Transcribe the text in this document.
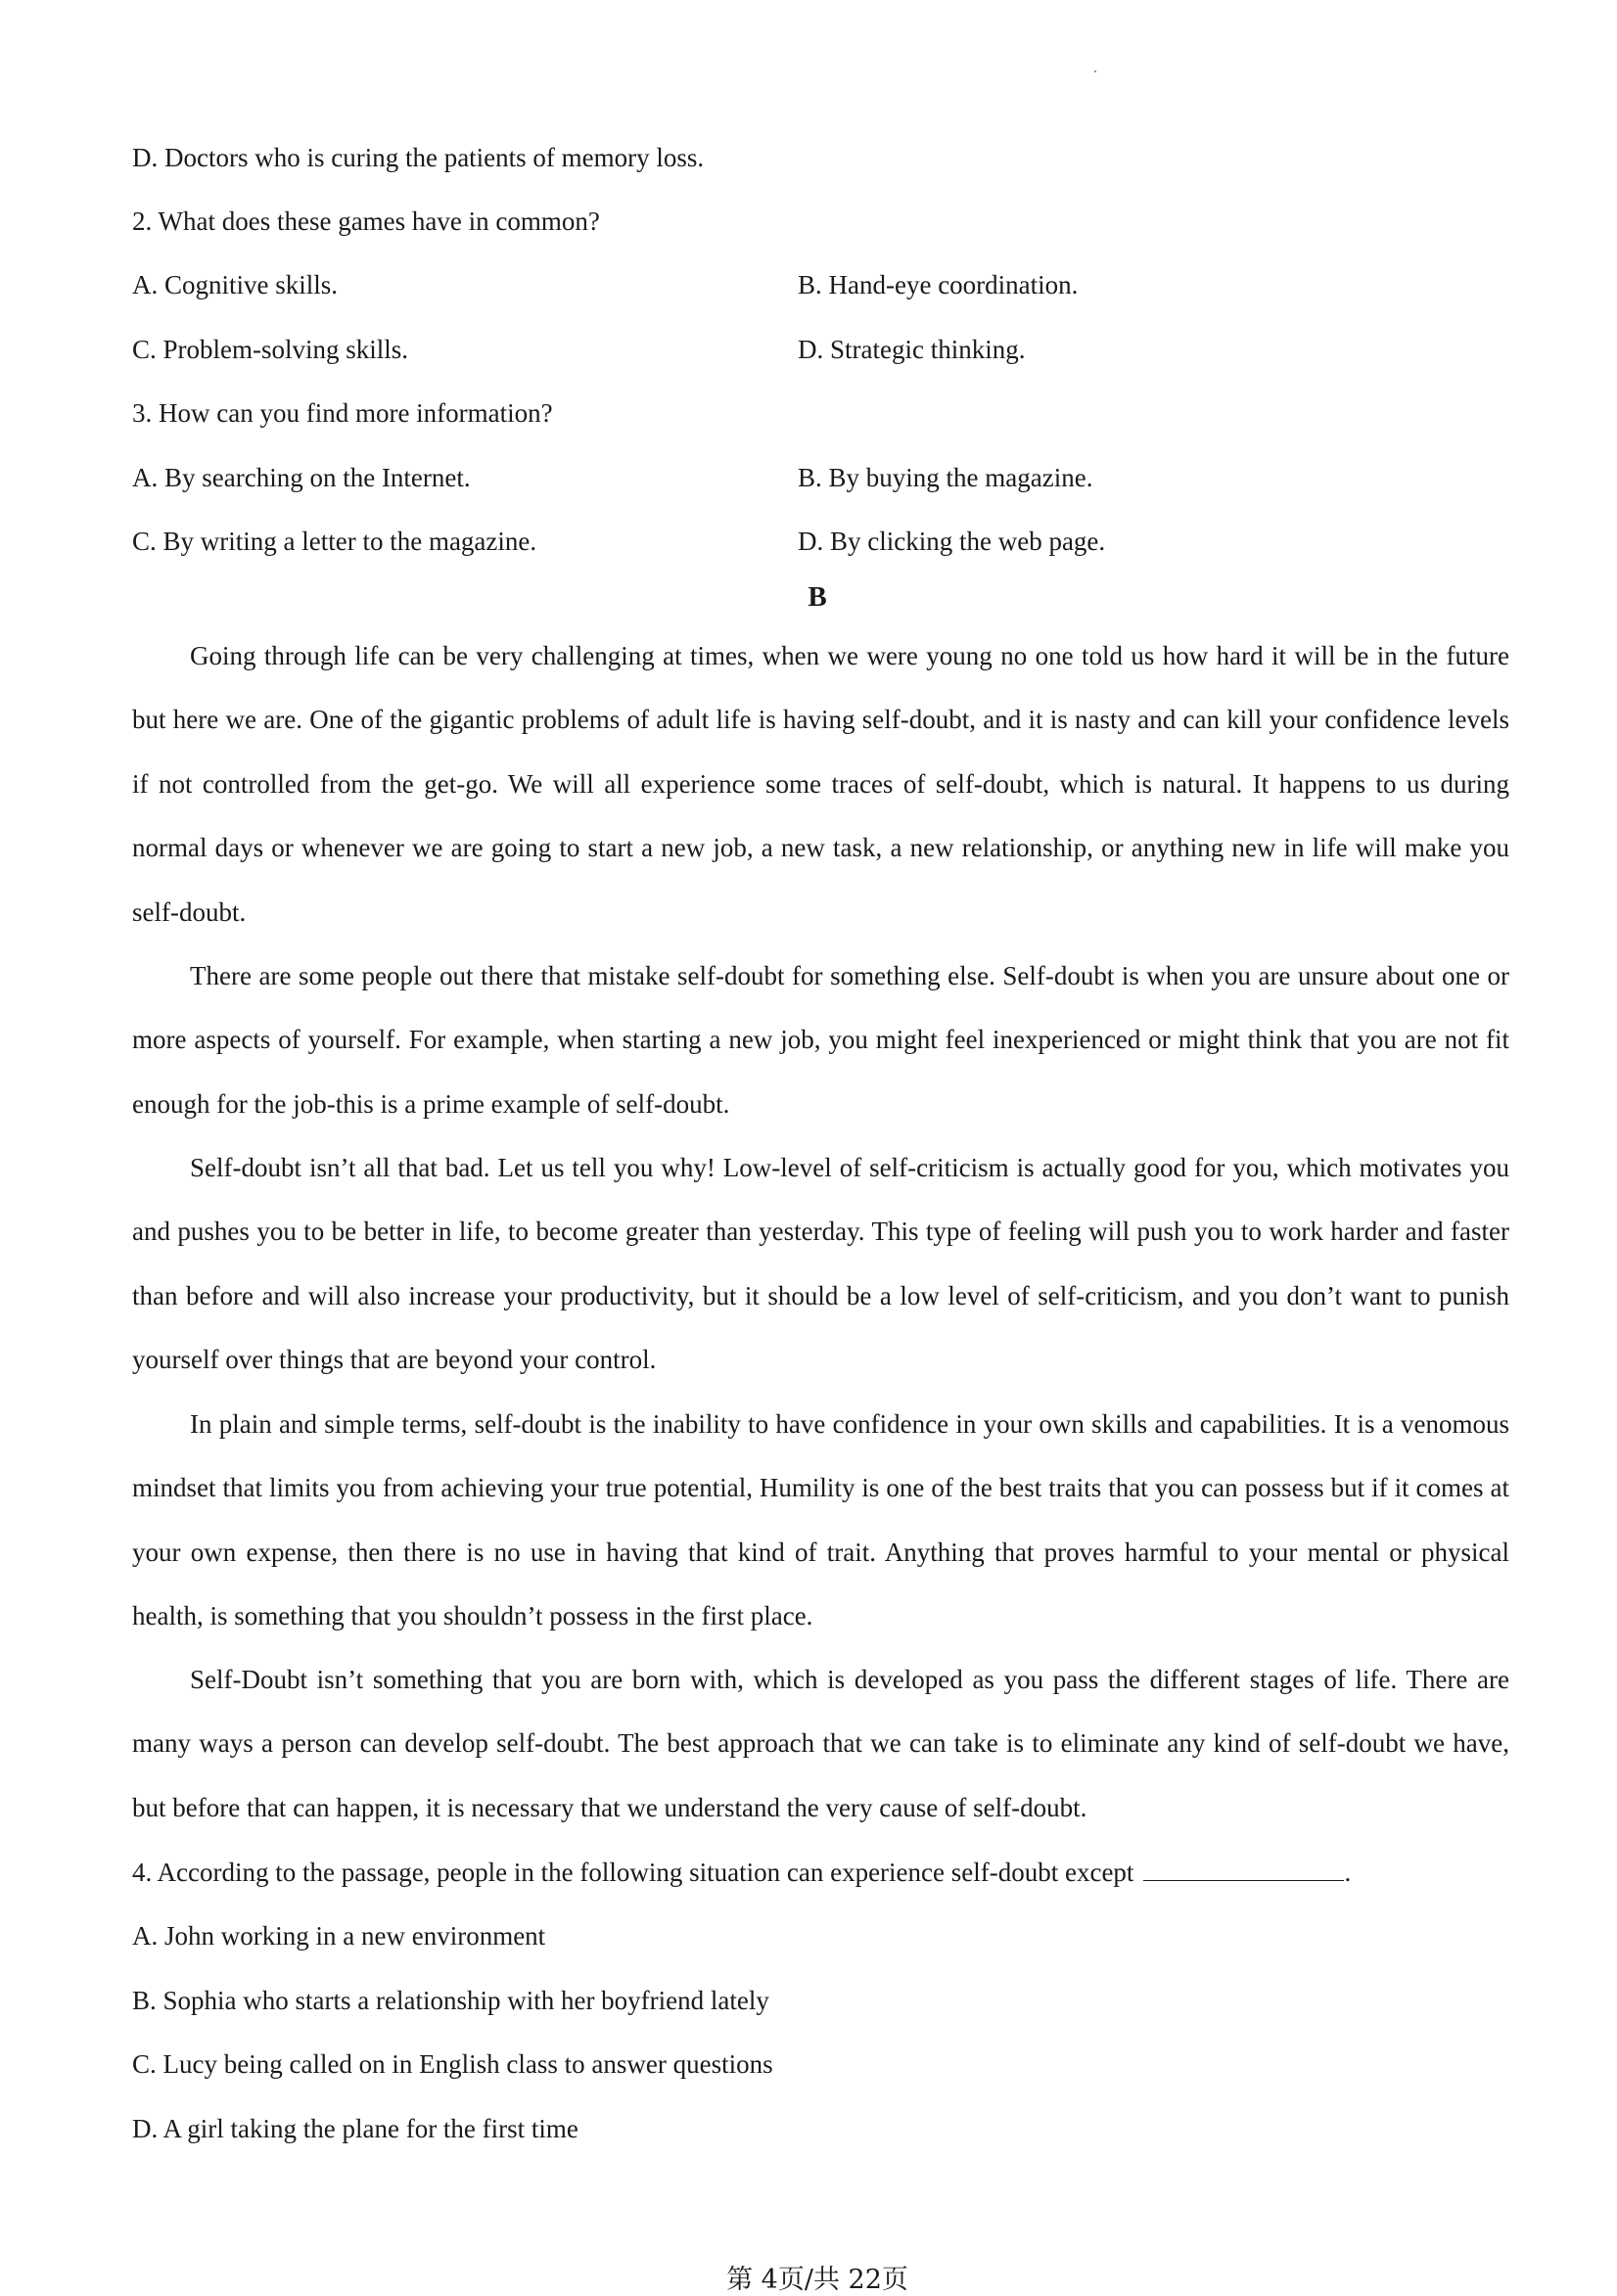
D. Doctors who is curing the patients of memory loss.
2. What does these games have in common?
A. Cognitive skills.	B. Hand-eye coordination.
C. Problem-solving skills.	D. Strategic thinking.
3. How can you find more information?
A. By searching on the Internet.	B. By buying the magazine.
C. By writing a letter to the magazine.	D. By clicking the web page.
B

Going through life can be very challenging at times, when we were young no one told us how hard it will be in the future but here we are. One of the gigantic problems of adult life is having self-doubt, and it is nasty and can kill your confidence levels if not controlled from the get-go. We will all experience some traces of self-doubt, which is natural. It happens to us during normal days or whenever we are going to start a new job, a new task, a new relationship, or anything new in life will make you self-doubt.

There are some people out there that mistake self-doubt for something else. Self-doubt is when you are unsure about one or more aspects of yourself. For example, when starting a new job, you might feel inexperienced or might think that you are not fit enough for the job-this is a prime example of self-doubt.

Self-doubt isn’t all that bad. Let us tell you why! Low-level of self-criticism is actually good for you, which motivates you and pushes you to be better in life, to become greater than yesterday. This type of feeling will push you to work harder and faster than before and will also increase your productivity, but it should be a low level of self-criticism, and you don’t want to punish yourself over things that are beyond your control.

In plain and simple terms, self-doubt is the inability to have confidence in your own skills and capabilities. It is a venomous mindset that limits you from achieving your true potential, Humility is one of the best traits that you can possess but if it comes at your own expense, then there is no use in having that kind of trait. Anything that proves harmful to your mental or physical health, is something that you shouldn’t possess in the first place.

Self-Doubt isn’t something that you are born with, which is developed as you pass the different stages of life. There are many ways a person can develop self-doubt. The best approach that we can take is to eliminate any kind of self-doubt we have, but before that can happen, it is necessary that we understand the very cause of self-doubt.

4. According to the passage, people in the following situation can experience self-doubt except	.
A. John working in a new environment
B. Sophia who starts a relationship with her boyfriend lately
C. Lucy being called on in English class to answer questions
D. A girl taking the plane for the first time
第 4页/共 22页
